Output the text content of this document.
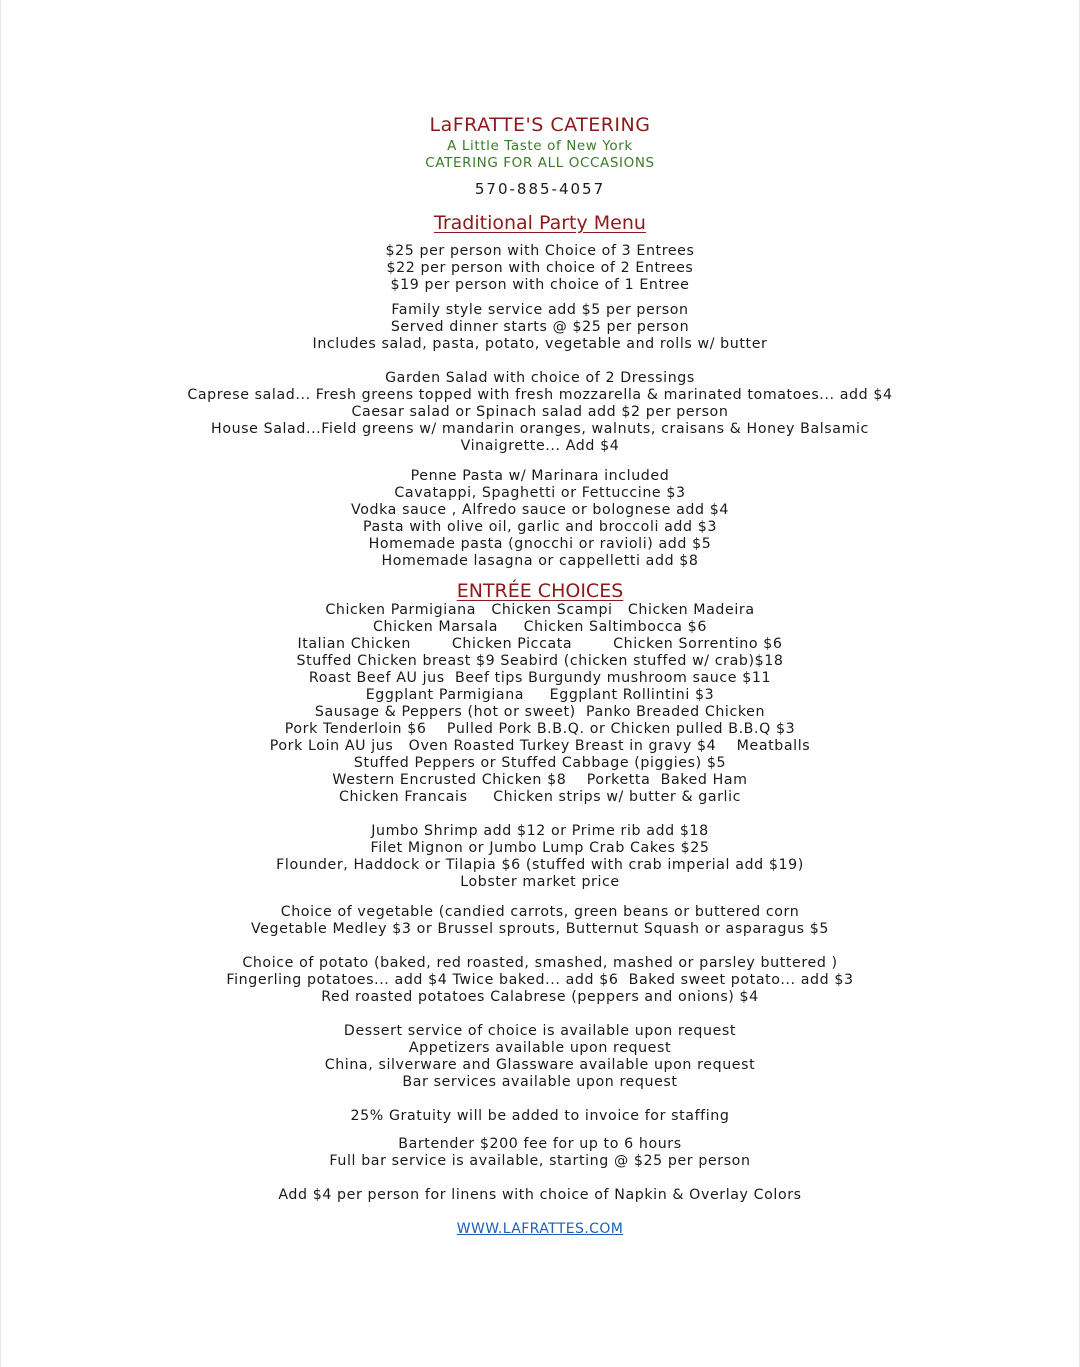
LaFRATTE'S CATERING
A Little Taste of New York
CATERING FOR ALL OCCASIONS
570-885-4057
Traditional Party Menu
$25 per person with Choice of 3 Entrees
$22 per person with choice of 2 Entrees
$19 per person with choice of 1 Entree
Family style service add $5 per person
Served dinner starts @ $25 per person
Includes salad, pasta, potato, vegetable and rolls w/ butter
Garden Salad with choice of 2 Dressings
Caprese salad... Fresh greens topped with fresh mozzarella & marinated tomatoes... add $4
Caesar salad or Spinach salad add $2 per person
House Salad...Field greens w/ mandarin oranges, walnuts, craisans & Honey Balsamic
Vinaigrette... Add $4
Penne Pasta w/ Marinara included
Cavatappi, Spaghetti or Fettuccine $3
Vodka sauce , Alfredo sauce or bolognese add $4
Pasta with olive oil, garlic and broccoli add $3
Homemade pasta (gnocchi or ravioli) add $5
Homemade lasagna or cappelletti add $8
ENTRÉE CHOICES
Chicken Parmigiana   Chicken Scampi   Chicken Madeira
Chicken Marsala     Chicken Saltimbocca $6
Italian Chicken        Chicken Piccata        Chicken Sorrentino $6
Stuffed Chicken breast $9 Seabird (chicken stuffed w/ crab)$18
Roast Beef AU jus  Beef tips Burgundy mushroom sauce $11
Eggplant Parmigiana     Eggplant Rollintini $3
Sausage & Peppers (hot or sweet)  Panko Breaded Chicken
Pork Tenderloin $6    Pulled Pork B.B.Q. or Chicken pulled B.B.Q $3
Pork Loin AU jus   Oven Roasted Turkey Breast in gravy $4    Meatballs
Stuffed Peppers or Stuffed Cabbage (piggies) $5
Western Encrusted Chicken $8    Porketta  Baked Ham
Chicken Francais     Chicken strips w/ butter & garlic
Jumbo Shrimp add $12 or Prime rib add $18
Filet Mignon or Jumbo Lump Crab Cakes $25
Flounder, Haddock or Tilapia $6 (stuffed with crab imperial add $19)
Lobster market price
Choice of vegetable (candied carrots, green beans or buttered corn
Vegetable Medley $3 or Brussel sprouts, Butternut Squash or asparagus $5
Choice of potato (baked, red roasted, smashed, mashed or parsley buttered )
Fingerling potatoes... add $4 Twice baked... add $6  Baked sweet potato... add $3
Red roasted potatoes Calabrese (peppers and onions) $4
Dessert service of choice is available upon request
Appetizers available upon request
China, silverware and Glassware available upon request
Bar services available upon request
25% Gratuity will be added to invoice for staffing
Bartender $200 fee for up to 6 hours
Full bar service is available, starting @ $25 per person
Add $4 per person for linens with choice of Napkin & Overlay Colors
WWW.LAFRATTES.COM
